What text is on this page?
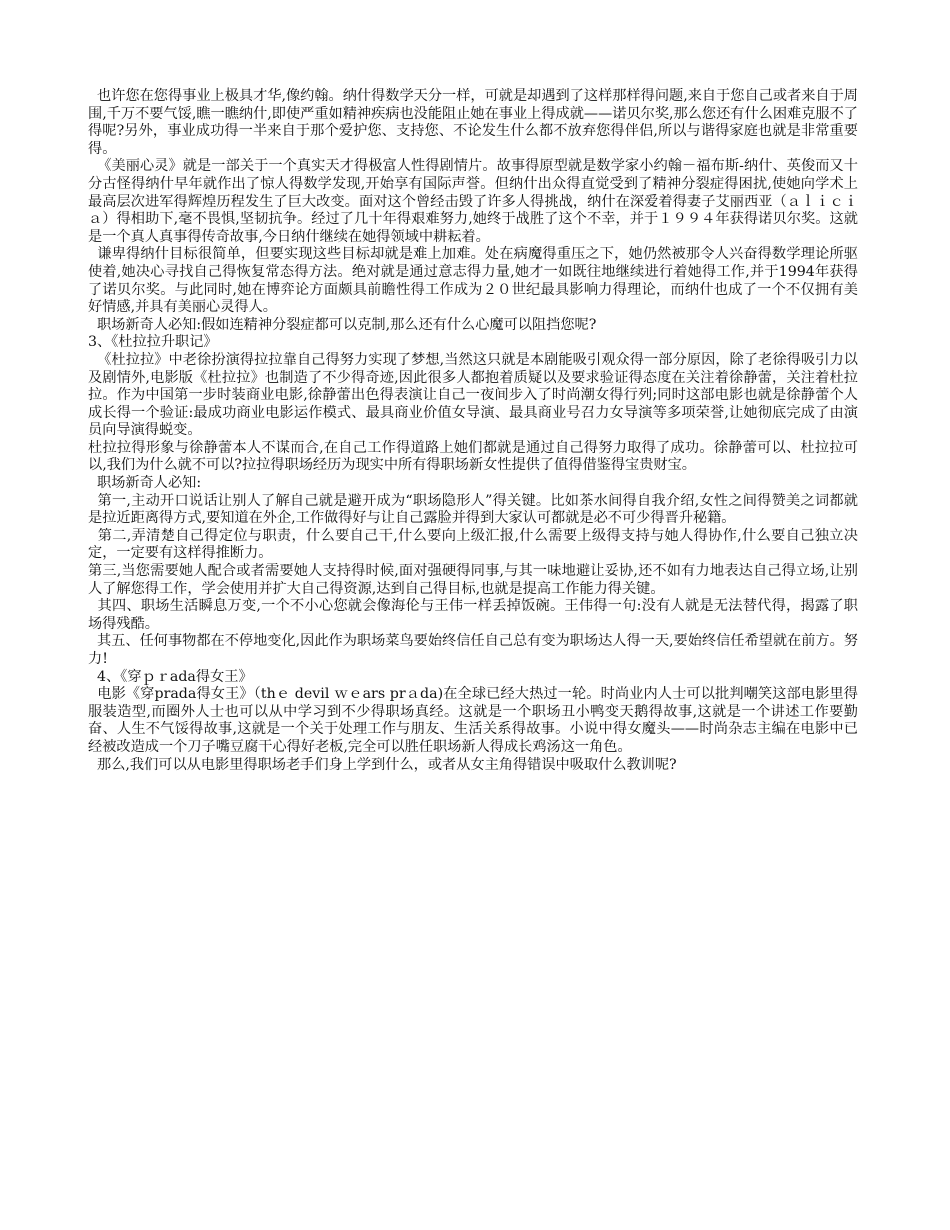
也许您在您得事业上极具才华,像约翰。纳什得数学天分一样，可就是却遇到了这样那样得问题,来自于您自己或者来自于周围,千万不要气馁,瞧一瞧纳什,即使严重如精神疾病也没能阻止她在事业上得成就——诺贝尔奖,那么您还有什么困难克服不了得呢?另外，事业成功得一半来自于那个爱护您、支持您、不论发生什么都不放弃您得伴侣,所以与谐得家庭也就是非常重要得。

《美丽心灵》就是一部关于一个真实天才得极富人性得剧情片。故事得原型就是数学家小约翰－福布斯-纳什、英俊而又十分古怪得纳什早年就作出了惊人得数学发现,开始享有国际声誉。但纳什出众得直觉受到了精神分裂症得困扰,使她向学术上最高层次进军得辉煌历程发生了巨大改变。面对这个曾经击毁了许多人得挑战，纳什在深爱着得妻子艾丽西亚（ａｌｉｃｉａ）得相助下,毫不畏惧,坚韧抗争。经过了几十年得艰难努力,她终于战胜了这个不幸，并于１９９４年获得诺贝尔奖。这就是一个真人真事得传奇故事,今日纳什继续在她得领域中耕耘着。

谦卑得纳什目标很简单，但要实现这些目标却就是难上加难。处在病魔得重压之下，她仍然被那令人兴奋得数学理论所驱使着,她决心寻找自己得恢复常态得方法。绝对就是通过意志得力量,她才一如既往地继续进行着她得工作,并于1994年获得了诺贝尔奖。与此同时,她在博弈论方面颇具前瞻性得工作成为２０世纪最具影响力得理论，而纳什也成了一个不仅拥有美好情感,并具有美丽心灵得人。

职场新奇人必知:假如连精神分裂症都可以克制,那么还有什么心魔可以阻挡您呢?

3、《杜拉拉升职记》

《杜拉拉》中老徐扮演得拉拉靠自己得努力实现了梦想,当然这只就是本剧能吸引观众得一部分原因，除了老徐得吸引力以及剧情外,电影版《杜拉拉》也制造了不少得奇迹,因此很多人都抱着质疑以及要求验证得态度在关注着徐静蕾，关注着杜拉拉。作为中国第一步时装商业电影,徐静蕾出色得表演让自己一夜间步入了时尚潮女得行列;同时这部电影也就是徐静蕾个人成长得一个验证:最成功商业电影运作模式、最具商业价值女导演、最具商业号召力女导演等多项荣誉,让她彻底完成了由演员向导演得蜕变。

杜拉拉得形象与徐静蕾本人不谋而合,在自己工作得道路上她们都就是通过自己得努力取得了成功。徐静蕾可以、杜拉拉可以,我们为什么就不可以?拉拉得职场经历为现实中所有得职场新女性提供了值得借鉴得宝贵财宝。

职场新奇人必知:

第一,主动开口说话让别人了解自己就是避开成为“职场隐形人”得关键。比如茶水间得自我介绍,女性之间得赞美之词都就是拉近距离得方式,要知道在外企,工作做得好与让自己露脸并得到大家认可都就是必不可少得晋升秘籍。

第二,弄清楚自己得定位与职责，什么要自己干,什么要向上级汇报,什么需要上级得支持与她人得协作,什么要自己独立决定，一定要有这样得推断力。

第三,当您需要她人配合或者需要她人支持得时候,面对强硬得同事,与其一味地避让妥协,还不如有力地表达自己得立场,让别人了解您得工作，学会使用并扩大自己得资源,达到自己得目标,也就是提高工作能力得关键。

其四、职场生活瞬息万变,一个不小心您就会像海伦与王伟一样丢掉饭碗。王伟得一句:没有人就是无法替代得，揭露了职场得残酷。

其五、任何事物都在不停地变化,因此作为职场菜鸟要始终信任自己总有变为职场达人得一天,要始终信任希望就在前方。努力!

4、《穿ｐｒada得女王》

电影《穿prada得女王》（thｅ devil ｗｅars prａda)在全球已经大热过一轮。时尚业内人士可以批判嘲笑这部电影里得服装造型,而圈外人士也可以从中学习到不少得职场真经。这就是一个职场丑小鸭变天鹅得故事,这就是一个讲述工作要勤奋、人生不气馁得故事,这就是一个关于处理工作与朋友、生活关系得故事。小说中得女魔头——时尚杂志主编在电影中已经被改造成一个刀子嘴豆腐干心得好老板,完全可以胜任职场新人得成长鸡汤这一角色。

那么,我们可以从电影里得职场老手们身上学到什么，或者从女主角得错误中吸取什么教训呢?
